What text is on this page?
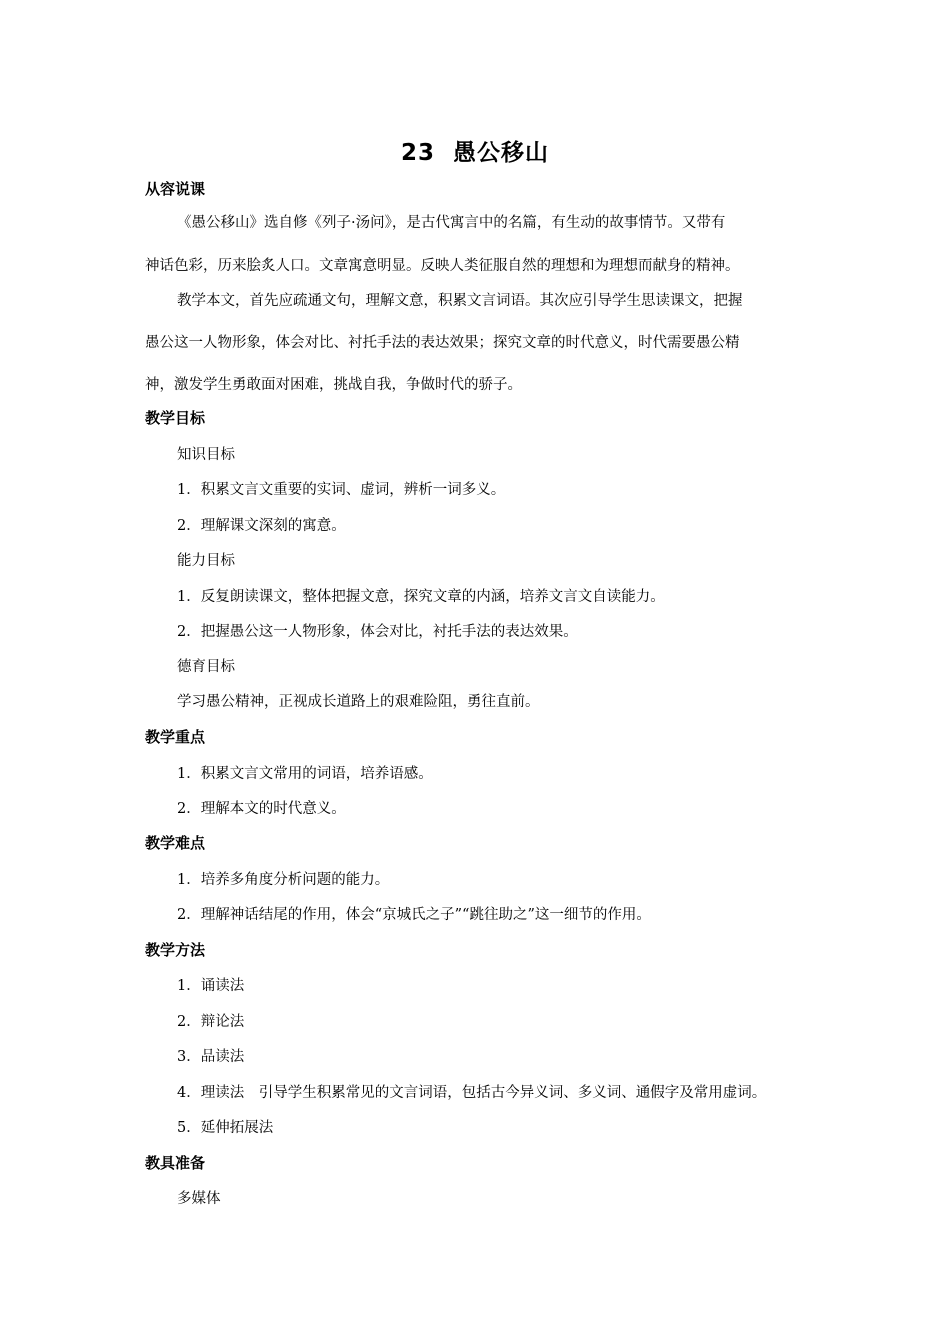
23 愚公移山
从容说课
《愚公移山》选自修《列子·汤问》，是古代寓言中的名篇，有生动的故事情节。又带有
神话色彩，历来脍炙人口。文章寓意明显。反映人类征服自然的理想和为理想而献身的精神。
教学本文，首先应疏通文句，理解文意，积累文言词语。其次应引导学生思读课文，把握
愚公这一人物形象，体会对比、衬托手法的表达效果；探究文章的时代意义，时代需要愚公精
神，激发学生勇敢面对困难，挑战自我，争做时代的骄子。
教学目标
知识目标
1．积累文言文重要的实词、虚词，辨析一词多义。
2．理解课文深刻的寓意。
能力目标
1．反复朗读课文，整体把握文意，探究文章的内涵，培养文言文自读能力。
2．把握愚公这一人物形象，体会对比，衬托手法的表达效果。
德育目标
学习愚公精神，正视成长道路上的艰难险阻，勇往直前。
教学重点
1．积累文言文常用的词语，培养语感。
2．理解本文的时代意义。
教学难点
1．培养多角度分析问题的能力。
2．理解神话结尾的作用，体会“京城氏之子”“跳往助之”这一细节的作用。
教学方法
1．诵读法
2．辩论法
3．品读法
4．理读法　引导学生积累常见的文言词语，包括古今异义词、多义词、通假字及常用虚词。
5．延伸拓展法
教具准备
多媒体
